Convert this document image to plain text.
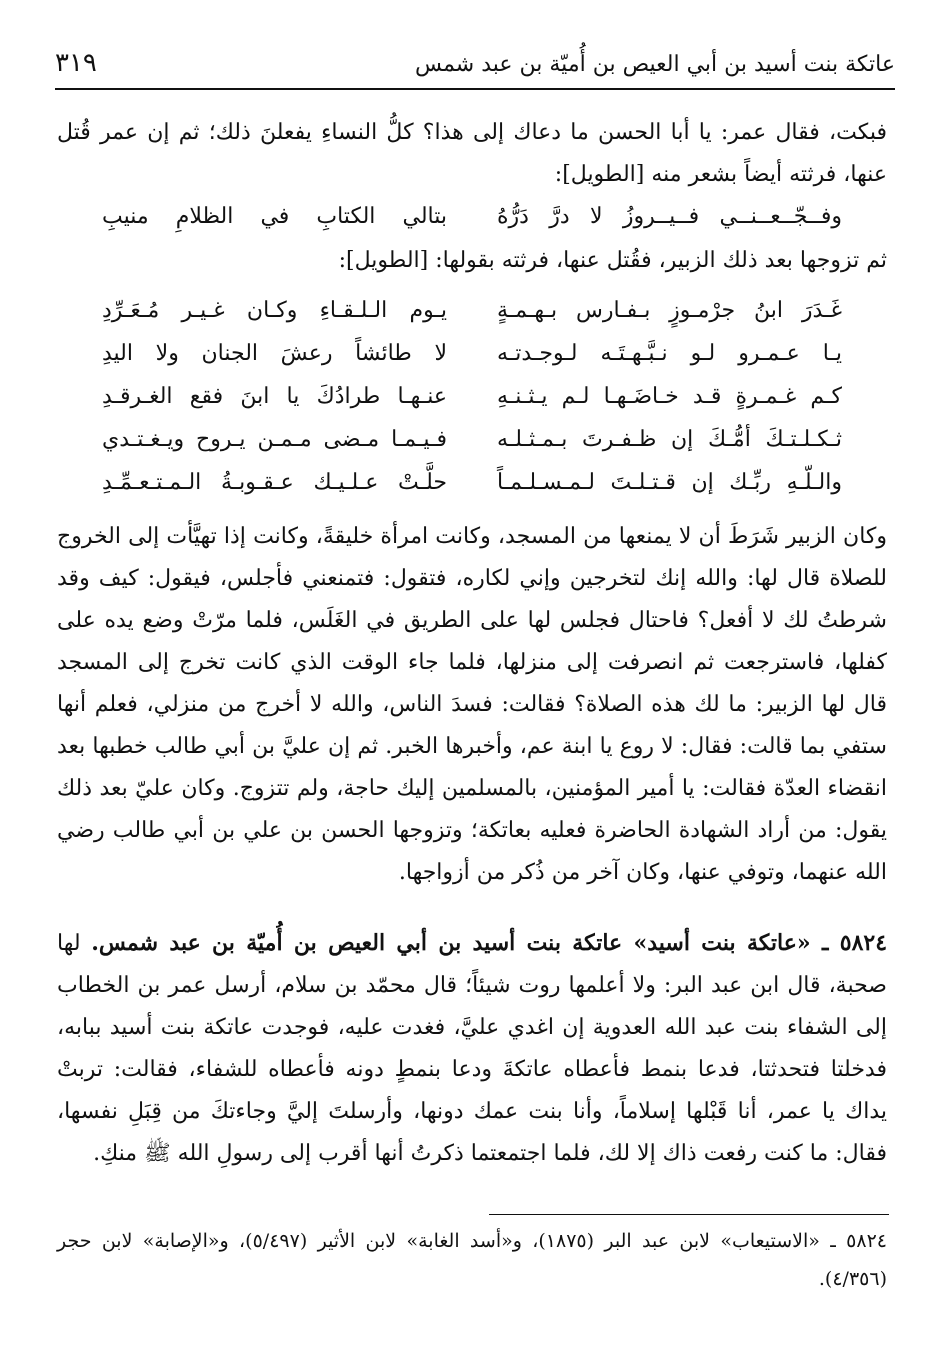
عاتكة بنت أسيد بن أبي العيص بن أُميّة بن عبد شمس
٣١٩
فبكت، فقال عمر: يا أبا الحسن ما دعاك إلى هذا؟ كلُّ النساءِ يفعلنَ ذلك؛ ثم إن عمر قُتل عنها، فرثته أيضاً بشعر منه [الطويل]:
وفــجّــعــنــي فــيــروزُ لا درَّ دَرُّهُ
بتالي الكتابِ في الظلامِ منيبِ
ثم تزوجها بعد ذلك الزبير، فقُتل عنها، فرثته بقولها: [الطويل]:
غَـدَرَ ابنُ جرْمـوزٍ بـفـارس بـهـمـةٍ
يـوم الـلـقـاءِ وكـان غـيـر مُـعَـرِّدِ
يـا عـمـرو لـو نـبَّـهـتَـه لـوجـدتـه
لا طائشاً رعشَ الجنان ولا اليدِ
كـم غـمـرةٍ قـد خـاضَـهـا لـم يـثـنـهِ
عنـهـا طرادُكَ يا ابنَ فقع الغـرقـدِ
ثـكـلـتـكَ أمُّـكَ إن ظـفـرتَ بـمـثـلـه
فـيـمـا مـضى مـمـن يـروح ويـغـتـدي
والـلّـهِ ربِّـك إن قـتـلـتَ لـمـسـلـمـاً
حلَّـتْ عـلـيـك عـقـوبـةُ الـمـتـعـمِّـدِ
وكان الزبير شَرَطَ أن لا يمنعها من المسجد، وكانت امرأة خليقةً، وكانت إذا تهيَّأت إلى الخروج للصلاة قال لها: والله إنك لتخرجين وإني لكاره، فتقول: فتمنعني فأجلس، فيقول: كيف وقد شرطتُ لك لا أفعل؟ فاحتال فجلس لها على الطريق في الغَلَس، فلما مرّتْ وضع يده على كفلها، فاسترجعت ثم انصرفت إلى منزلها، فلما جاء الوقت الذي كانت تخرج إلى المسجد قال لها الزبير: ما لك هذه الصلاة؟ فقالت: فسدَ الناس، والله لا أخرج من منزلي، فعلم أنها ستفي بما قالت: فقال: لا روع يا ابنة عم، وأخبرها الخبر. ثم إن عليَّ بن أبي طالب خطبها بعد انقضاء العدّة فقالت: يا أمير المؤمنين، بالمسلمين إليك حاجة، ولم تتزوج. وكان عليّ بعد ذلك يقول: من أراد الشهادة الحاضرة فعليه بعاتكة؛ وتزوجها الحسن بن علي بن أبي طالب رضي الله عنهما، وتوفي عنها، وكان آخر من ذُكر من أزواجها.
٥٨٢٤ ـ «عاتكة بنت أسيد» عاتكة بنت أسيد بن أبي العيص بن أُميّة بن عبد شمس. لها صحبة، قال ابن عبد البر: ولا أعلمها روت شيئاً؛ قال محمّد بن سلام، أرسل عمر بن الخطاب إلى الشفاء بنت عبد الله العدوية إن اغدي عليَّ، فغدت عليه، فوجدت عاتكة بنت أسيد ببابه، فدخلتا فتحدثتا، فدعا بنمط فأعطاه عاتكةَ ودعا بنمطٍ دونه فأعطاه للشفاء، فقالت: تربتْ يداك يا عمر، أنا قَبْلها إسلاماً، وأنا بنت عمك دونها، وأرسلتَ إليَّ وجاءتكَ من قِبَلِ نفسها، فقال: ما كنت رفعت ذاك إلا لك، فلما اجتمعتما ذكرتُ أنها أقرب إلى رسولِ الله ﷺ منكِ.
٥٨٢٤ ـ «الاستيعاب» لابن عبد البر (١٨٧٥)، و«أسد الغابة» لابن الأثير (٥/٤٩٧)، و«الإصابة» لابن حجر (٤/٣٥٦).
